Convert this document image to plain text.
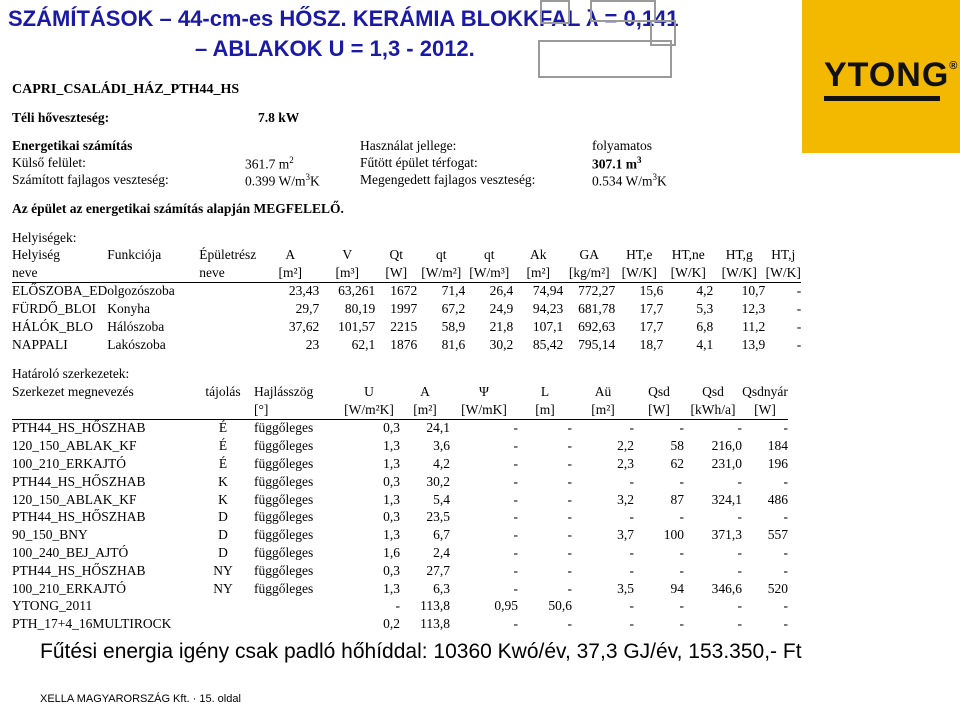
SZÁMÍTÁSOK – 44-cm-es HŐSZ. KERÁMIA BLOKKFAL λ = 0,141
– ABLAKOK U = 1,3 - 2012.
YTONG®
CAPRI_CSALÁDI_HÁZ_PTH44_HS
Téli hőveszteség:	7.8 kW
Energetikai számítás	Használat jellege:	folyamatos
Külső felület:	361.7 $m^2$	Fűtött épület térfogat:	307.1 $m^3$
Számított fajlagos veszteség:	0.399 $W/m^3K$	Megengedett fajlagos veszteség:	0.534 $W/m^3K$
Az épület az energetikai számítás alapján MEGFELELŐ.
Helyiségek:
Helyiség	Funkciója	Épületrész	A	V	Qt	qt	qt	Ak	GA	HT,e	HT,ne	HT,g	HT,j
neve		neve	[m²]	[m³]	[W]	[W/m²]	[W/m³]	[m²]	[kg/m²]	[W/K]	[W/K]	[W/K]	[W/K]
ELŐSZOBA_ED	olgozószoba		23,43	63,261	1672	71,4	26,4	74,94	772,27	15,6	4,2	10,7	-
FÜRDŐ_BLOI	Konyha		29,7	80,19	1997	67,2	24,9	94,23	681,78	17,7	5,3	12,3	-
HÁLÓK_BLO	Hálószoba		37,62	101,57	2215	58,9	21,8	107,1	692,63	17,7	6,8	11,2	-
NAPPALI	Lakószoba		23	62,1	1876	81,6	30,2	85,42	795,14	18,7	4,1	13,9	-
Határoló szerkezetek:
Szerkezet megnevezés	tájolás	Hajlásszög	U	A	Ψ	L	Aü	Qsd	Qsd	Qsdnyár
		[°]	[W/m²K]	[m²]	[W/mK]	[m]	[m²]	[W]	[kWh/a]	[W]
PTH44_HS_HŐSZHAB	É	függőleges	0,3	24,1	-	-	-	-	-	-
120_150_ABLAK_KF	É	függőleges	1,3	3,6	-	-	2,2	58	216,0	184
100_210_ERKAJTÓ	É	függőleges	1,3	4,2	-	-	2,3	62	231,0	196
PTH44_HS_HŐSZHAB	K	függőleges	0,3	30,2	-	-	-	-	-	-
120_150_ABLAK_KF	K	függőleges	1,3	5,4	-	-	3,2	87	324,1	486
PTH44_HS_HŐSZHAB	D	függőleges	0,3	23,5	-	-	-	-	-	-
90_150_BNY	D	függőleges	1,3	6,7	-	-	3,7	100	371,3	557
100_240_BEJ_AJTÓ	D	függőleges	1,6	2,4	-	-	-	-	-	-
PTH44_HS_HŐSZHAB	NY	függőleges	0,3	27,7	-	-	-	-	-	-
100_210_ERKAJTÓ	NY	függőleges	1,3	6,3	-	-	3,5	94	346,6	520
YTONG_2011			-	113,8	0,95	50,6	-	-	-	-
PTH_17+4_16MULTIROCK			0,2	113,8	-	-	-	-	-	-
Fűtési energia igény csak padló hőhíddal: 10360 Kwó/év, 37,3 GJ/év, 153.350,- Ft
XELLA MAGYARORSZÁG Kft. · 15. oldal
